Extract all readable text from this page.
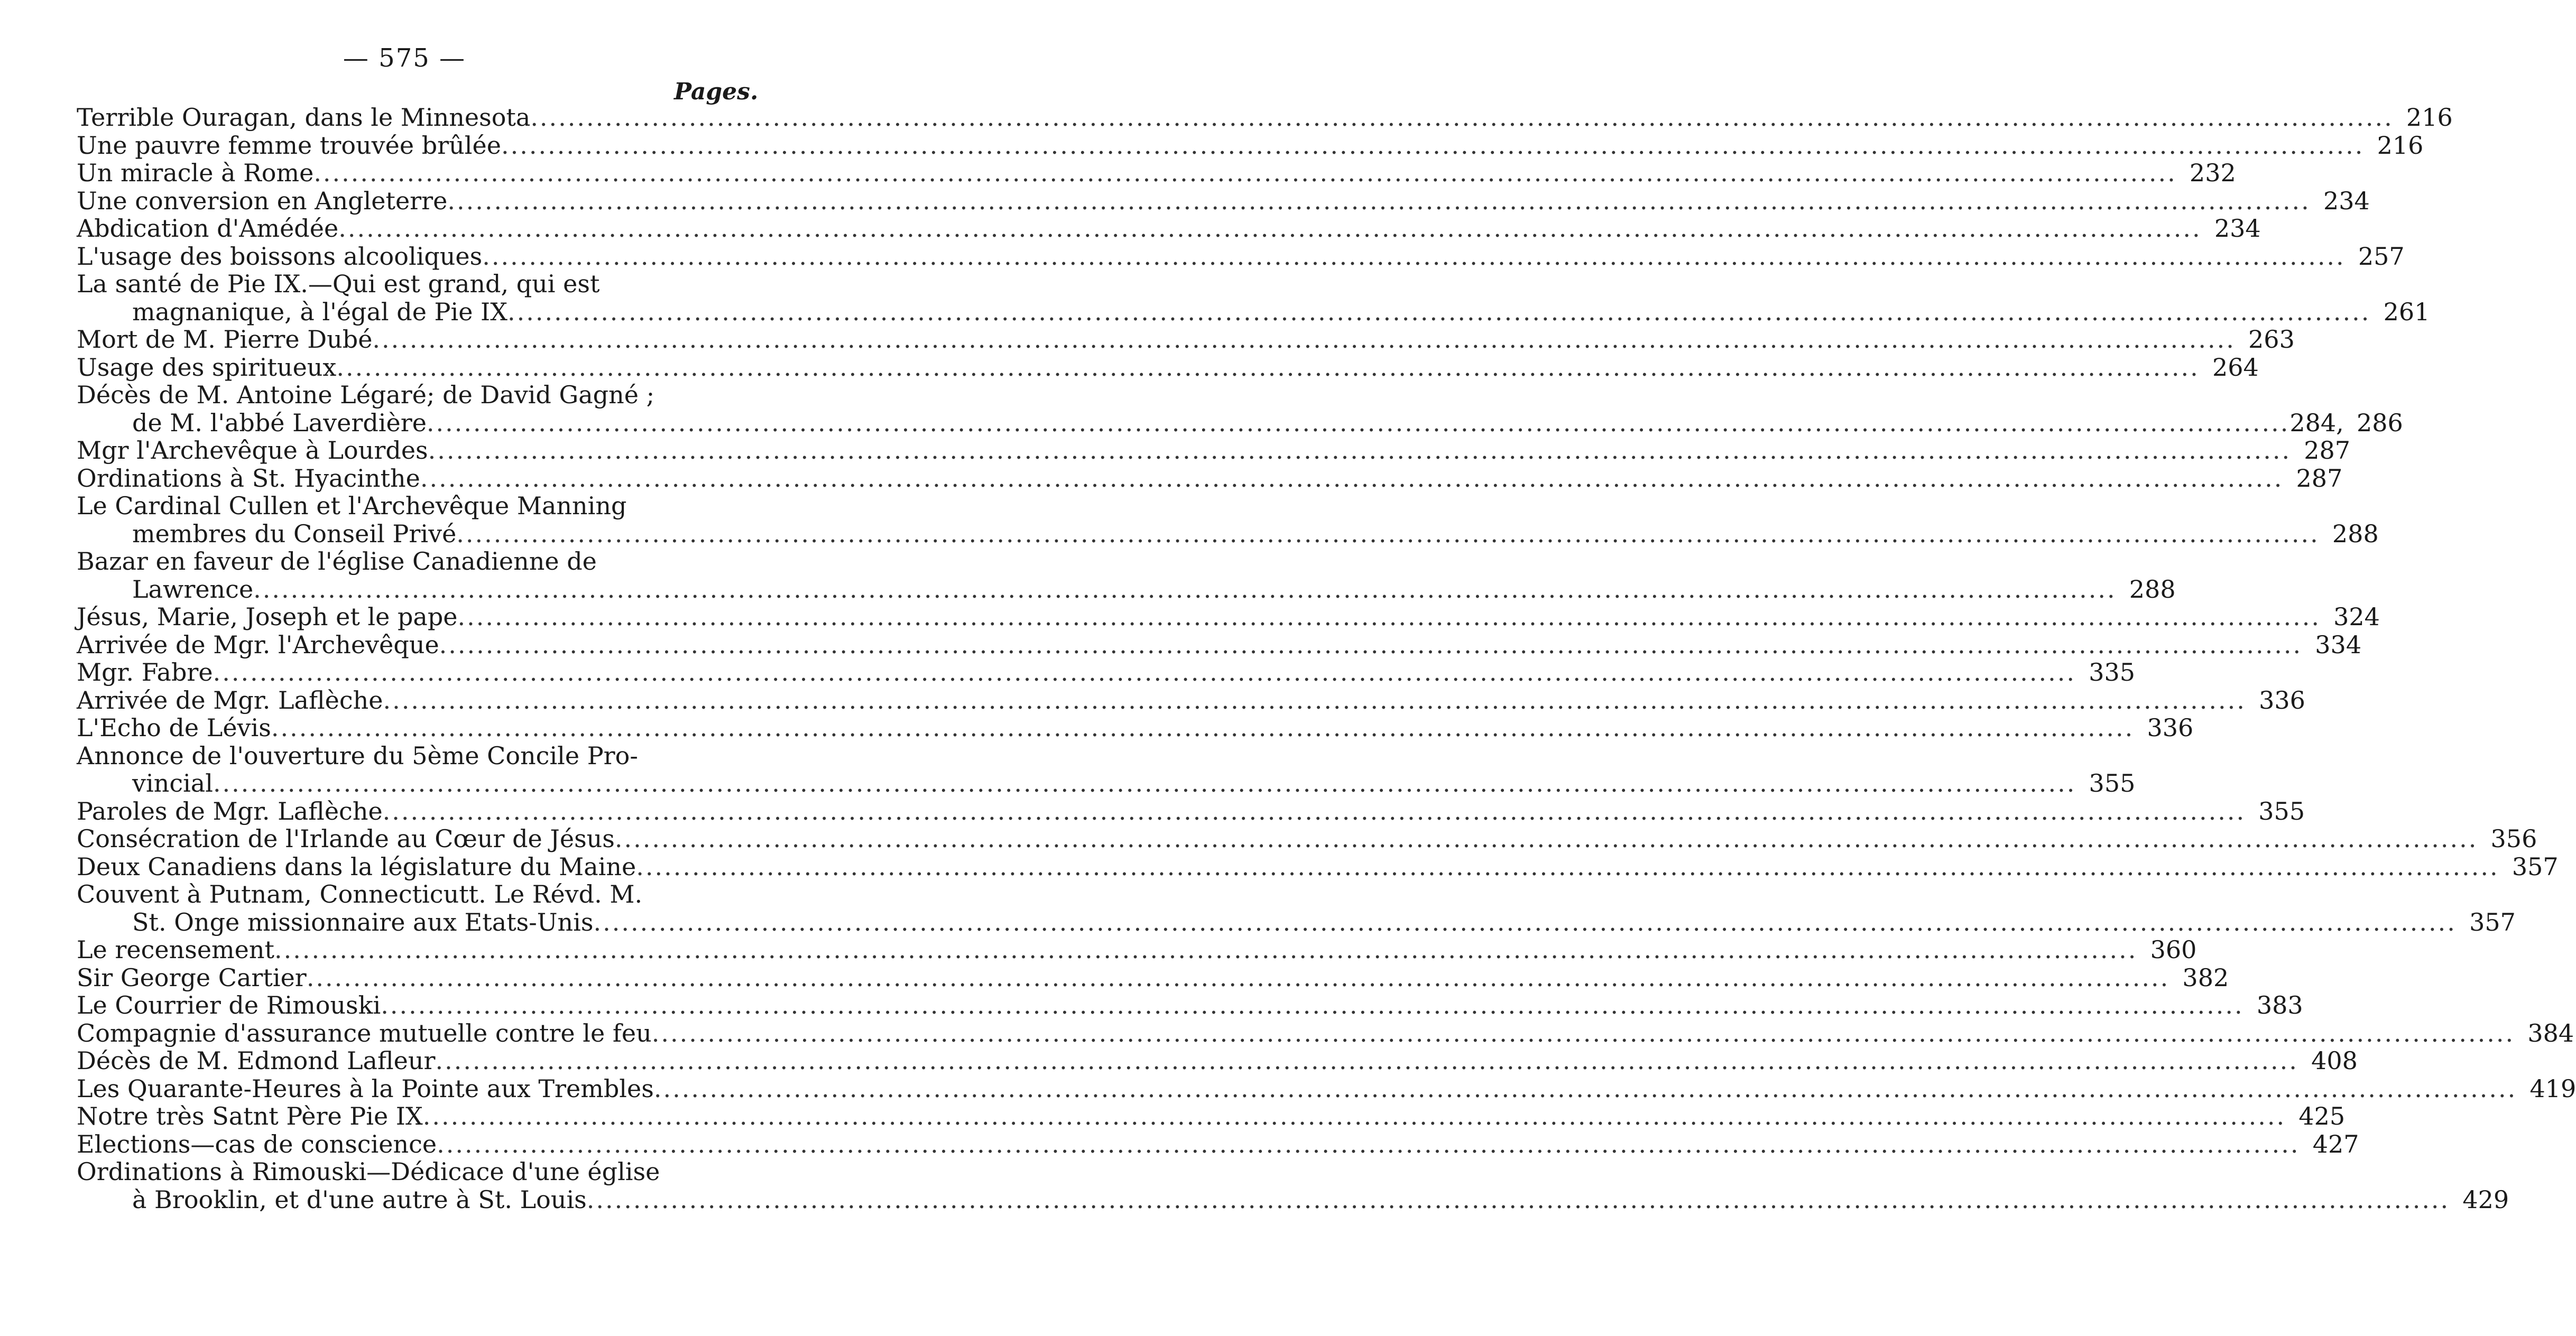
— 575 —
Pages.
Terrible Ouragan, dans le Minnesota ........................................................................................................................................................................................................ 216
Une pauvre femme trouvée brûlée ........................................................................................................................................................................................................ 216
Un miracle à Rome ........................................................................................................................................................................................................ 232
Une conversion en Angleterre ........................................................................................................................................................................................................ 234
Abdication d'Amédée ........................................................................................................................................................................................................ 234
L'usage des boissons alcooliques ........................................................................................................................................................................................................ 257
La santé de Pie IX.—Qui est grand, qui est
magnanique, à l'égal de Pie IX ........................................................................................................................................................................................................ 261
Mort de M. Pierre Dubé ........................................................................................................................................................................................................ 263
Usage des spiritueux ........................................................................................................................................................................................................ 264
Décès de M. Antoine Légaré; de David Gagné ;
de M. l'abbé Laverdière ........................................................................................................................................................................................................ 284, 286
Mgr l'Archevêque à Lourdes ........................................................................................................................................................................................................ 287
Ordinations à St. Hyacinthe ........................................................................................................................................................................................................ 287
Le Cardinal Cullen et l'Archevêque Manning
membres du Conseil Privé ........................................................................................................................................................................................................ 288
Bazar en faveur de l'église Canadienne de
Lawrence ........................................................................................................................................................................................................ 288
Jésus, Marie, Joseph et le pape ........................................................................................................................................................................................................ 324
Arrivée de Mgr. l'Archevêque ........................................................................................................................................................................................................ 334
Mgr. Fabre ........................................................................................................................................................................................................ 335
Arrivée de Mgr. Laflèche ........................................................................................................................................................................................................ 336
L'Echo de Lévis ........................................................................................................................................................................................................ 336
Annonce de l'ouverture du 5ème Concile Pro-
vincial ........................................................................................................................................................................................................ 355
Paroles de Mgr. Laflèche ........................................................................................................................................................................................................ 355
Consécration de l'Irlande au Cœur de Jésus ........................................................................................................................................................................................................ 356
Deux Canadiens dans la législature du Maine ........................................................................................................................................................................................................ 357
Couvent à Putnam, Connecticutt. Le Révd. M.
St. Onge missionnaire aux Etats-Unis ........................................................................................................................................................................................................ 357
Le recensement ........................................................................................................................................................................................................ 360
Sir George Cartier ........................................................................................................................................................................................................ 382
Le Courrier de Rimouski ........................................................................................................................................................................................................ 383
Compagnie d'assurance mutuelle contre le feu ........................................................................................................................................................................................................ 384
Décès de M. Edmond Lafleur ........................................................................................................................................................................................................ 408
Les Quarante-Heures à la Pointe aux Trembles ........................................................................................................................................................................................................ 419
Notre très Satnt Père Pie IX ........................................................................................................................................................................................................ 425
Elections—cas de conscience ........................................................................................................................................................................................................ 427
Ordinations à Rimouski—Dédicace d'une église
à Brooklin, et d'une autre à St. Louis ........................................................................................................................................................................................................ 429
